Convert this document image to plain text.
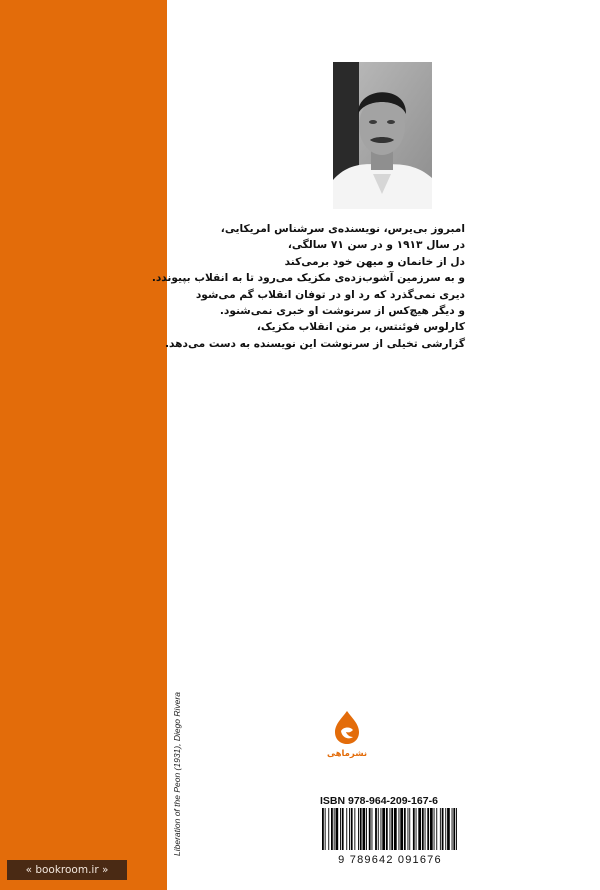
Liberation of the Peon (1931), Diego Rivera
« bookroom.ir »
امبروز بی‌یرس، نویسنده‌ی سرشناس امریکایی،
در سال ۱۹۱۳ و در سن ۷۱ سالگی،
دل از خانمان و میهن خود برمی‌کند
و به سرزمین آشوب‌زده‌ی مکزیک می‌رود تا به انقلاب بپیوندد.
دیری نمی‌گذرد که رد او در توفان انقلاب گم می‌شود
و دیگر هیچ‌کس از سرنوشت او خبری نمی‌شنود.
کارلوس فوئنتس، بر متن انقلاب مکزیک،
گزارشی تخیلی از سرنوشت این نویسنده به دست می‌دهد.
نشرماهی
ISBN 978-964-209-167-6
9 789642 091676
